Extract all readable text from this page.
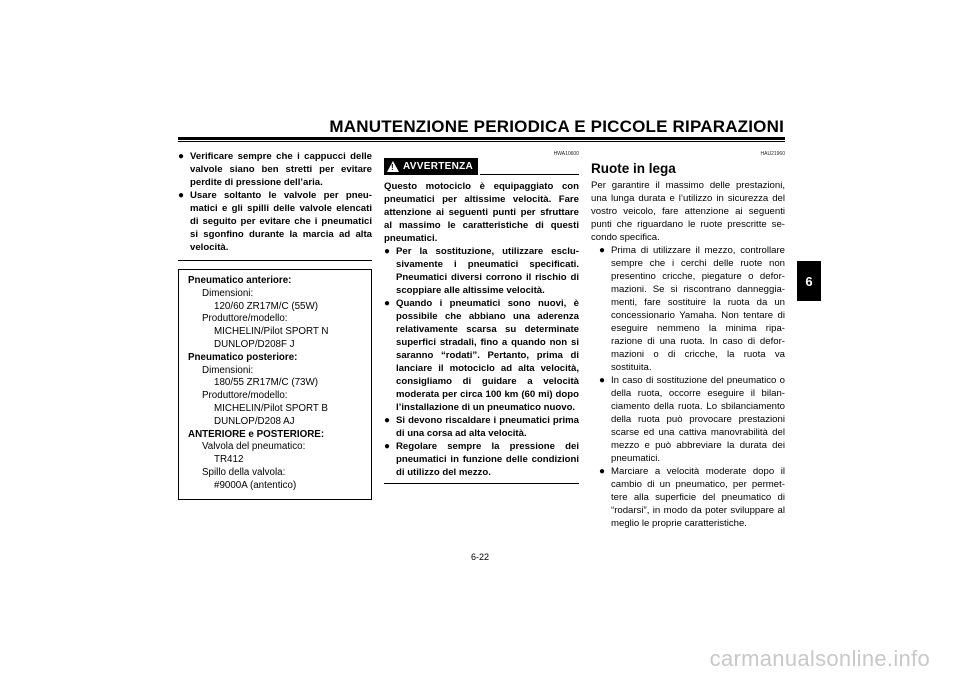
MANUTENZIONE PERIODICA E PICCOLE RIPARAZIONI
● Verificare sempre che i cappucci delle valvole siano ben stretti per evitare perdite di pressione dell’aria.
● Usare soltanto le valvole per pneumatici e gli spilli delle valvole elencati di seguito per evitare che i pneumatici si sgonfino durante la marcia ad alta velocità.
Pneumatico anteriore:
Dimensioni:
120/60 ZR17M/C (55W)
Produttore/modello:
MICHELIN/Pilot SPORT N
DUNLOP/D208F J
Pneumatico posteriore:
Dimensioni:
180/55 ZR17M/C (73W)
Produttore/modello:
MICHELIN/Pilot SPORT B
DUNLOP/D208 AJ
ANTERIORE e POSTERIORE:
Valvola del pneumatico:
TR412
Spillo della valvola:
#9000A (antentico)
HWA10600
! AVVERTENZA
Questo motociclo è equipaggiato con pneumatici per altissime velocità. Fare attenzione ai seguenti punti per sfruttare al massimo le caratteristiche di questi pneumatici.
● Per la sostituzione, utilizzare esclusivamente i pneumatici specificati. Pneumatici diversi corrono il rischio di scoppiare alle altissime velocità.
● Quando i pneumatici sono nuovi, è possibile che abbiano una aderenza relativamente scarsa su determinate superfici stradali, fino a quando non si saranno “rodati”. Pertanto, prima di lanciare il motociclo ad alta velocità, consigliamo di guidare a velocità moderata per circa 100 km (60 mi) dopo l’installazione di un pneumatico nuovo.
● Si devono riscaldare i pneumatici prima di una corsa ad alta velocità.
● Regolare sempre la pressione dei pneumatici in funzione delle condizioni di utilizzo del mezzo.
HAU21960
Ruote in lega
Per garantire il massimo delle prestazioni, una lunga durata e l’utilizzo in sicurezza del vostro veicolo, fare attenzione ai seguenti punti che riguardano le ruote prescritte secondo specifica.
● Prima di utilizzare il mezzo, controllare sempre che i cerchi delle ruote non presentino cricche, piegature o deformazioni. Se si riscontrano danneggiamenti, fare sostituire la ruota da un concessionario Yamaha. Non tentare di eseguire nemmeno la minima riparazione di una ruota. In caso di deformazioni o di cricche, la ruota va sostituita.
● In caso di sostituzione del pneumatico o della ruota, occorre eseguire il bilanciamento della ruota. Lo sbilanciamento della ruota può provocare prestazioni scarse ed una cattiva manovrabilità del mezzo e può abbreviare la durata dei pneumatici.
● Marciare a velocità moderate dopo il cambio di un pneumatico, per permettere alla superficie del pneumatico di “rodarsi”, in modo da poter sviluppare al meglio le proprie caratteristiche.
6
6-22
carmanualsonline.info
